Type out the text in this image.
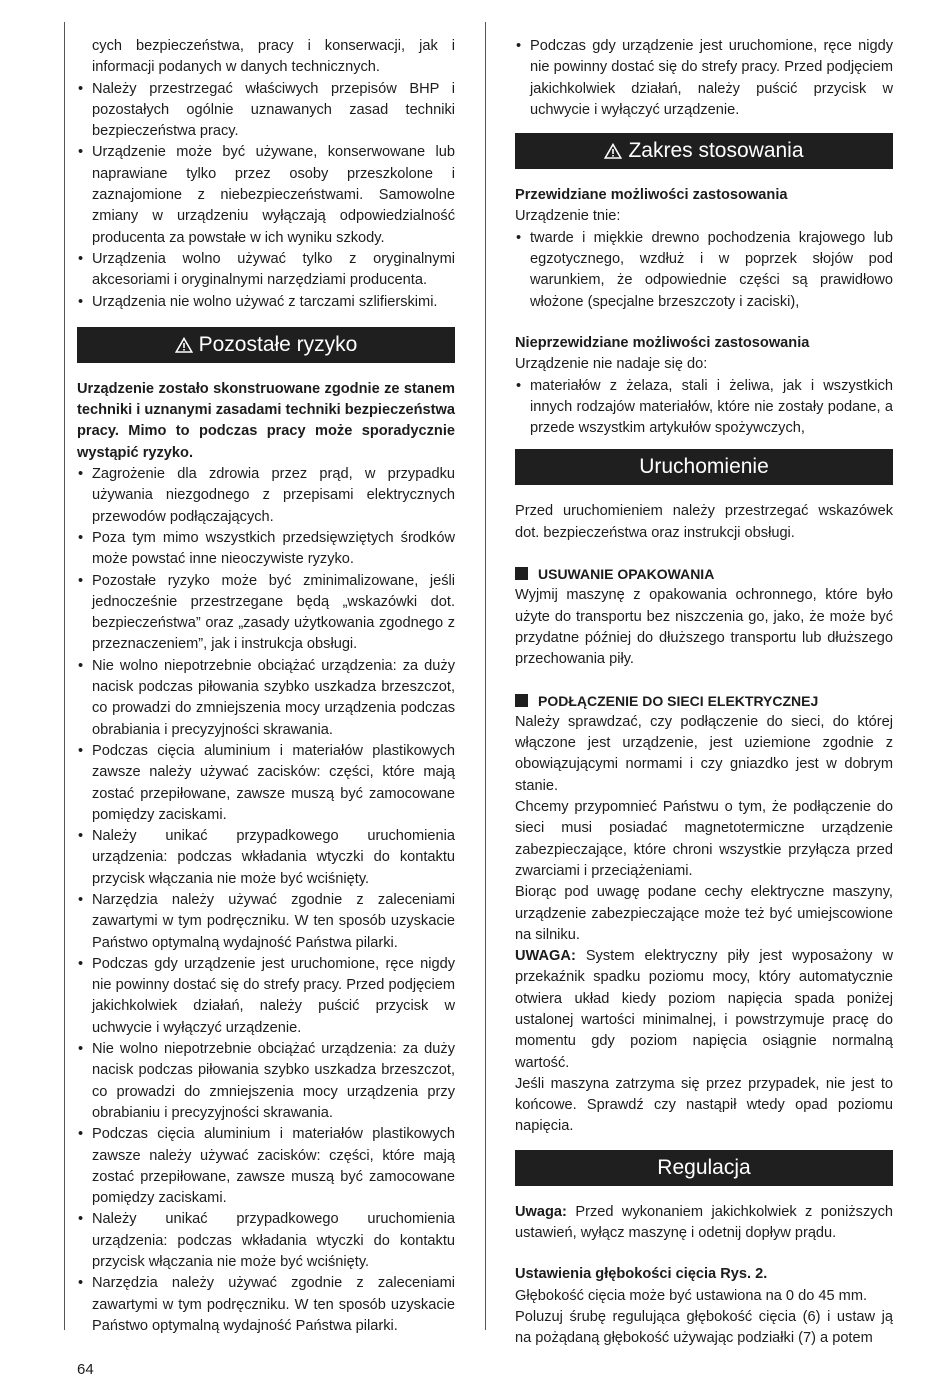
cych bezpieczeństwa, pracy i konserwacji, jak i informacji podanych w danych technicznych.

• Należy przestrzegać właściwych przepisów BHP i pozostałych ogólnie uznawanych zasad techniki bezpieczeństwa pracy.
• Urządzenie może być używane, konserwowane lub naprawiane tylko przez osoby przeszkolone i zaznajomione z niebezpieczeństwami. Samowolne zmiany w urządzeniu wyłączają odpowiedzialność producenta za powstałe w ich wyniku szkody.
• Urządzenia wolno używać tylko z oryginalnymi akcesoriami i oryginalnymi narzędziami producenta.
• Urządzenia nie wolno używać z tarczami szlifierskimi.
Pozostałe ryzyko

Urządzenie zostało skonstruowane zgodnie ze stanem techniki i uznanymi zasadami techniki bezpieczeństwa pracy. Mimo to podczas pracy może sporadycznie wystąpić ryzyko.

• Zagrożenie dla zdrowia przez prąd, w przypadku używania niezgodnego z przepisami elektrycznych przewodów podłączających.
• Poza tym mimo wszystkich przedsięwziętych środków może powstać inne nieoczywiste ryzyko.
• Pozostałe ryzyko może być zminimalizowane, jeśli jednocześnie przestrzegane będą „wskazówki dot. bezpieczeństwa” oraz „zasady użytkowania zgodnego z przeznaczeniem”, jak i instrukcja obsługi.
• Nie wolno niepotrzebnie obciążać urządzenia: za duży nacisk podczas piłowania szybko uszkadza brzeszczot, co prowadzi do zmniejszenia mocy urządzenia podczas obrabiania i precyzyjności skrawania.
• Podczas cięcia aluminium i materiałów plastikowych zawsze należy używać zacisków: części, które mają zostać przepiłowane, zawsze muszą być zamocowane pomiędzy zaciskami.
• Należy unikać przypadkowego uruchomienia urządzenia: podczas wkładania wtyczki do kontaktu przycisk włączania nie może być wciśnięty.
• Narzędzia należy używać zgodnie z zaleceniami zawartymi w tym podręczniku. W ten sposób uzyskacie Państwo optymalną wydajność Państwa pilarki.
• Podczas gdy urządzenie jest uruchomione, ręce nigdy nie powinny dostać się do strefy pracy. Przed podjęciem jakichkolwiek działań, należy puścić przycisk w uchwycie i wyłączyć urządzenie.
• Nie wolno niepotrzebnie obciążać urządzenia: za duży nacisk podczas piłowania szybko uszkadza brzeszczot, co prowadzi do zmniejszenia mocy urządzenia przy obrabianiu i precyzyjności skrawania.
• Podczas cięcia aluminium i materiałów plastikowych zawsze należy używać zacisków: części, które mają zostać przepiłowane, zawsze muszą być zamocowane pomiędzy zaciskami.
• Należy unikać przypadkowego uruchomienia urządzenia: podczas wkładania wtyczki do kontaktu przycisk włączania nie może być wciśnięty.
• Narzędzia należy używać zgodnie z zaleceniami zawartymi w tym podręczniku. W ten sposób uzyskacie Państwo optymalną wydajność Państwa pilarki.
• Podczas gdy urządzenie jest uruchomione, ręce nigdy nie powinny dostać się do strefy pracy. Przed podjęciem jakichkolwiek działań, należy puścić przycisk w uchwycie i wyłączyć urządzenie.
Zakres stosowania

Przewidziane możliwości zastosowania

Urządzenie tnie:

• twarde i miękkie drewno pochodzenia krajowego lub egzotycznego, wzdłuż i w poprzek słojów pod warunkiem, że odpowiednie części są prawidłowo włożone (specjalne brzeszczoty i zaciski),

Nieprzewidziane możliwości zastosowania

Urządzenie nie nadaje się do:

• materiałów z żelaza, stali i żeliwa, jak i wszystkich innych rodzajów materiałów, które nie zostały podane, a przede wszystkim artykułów spożywczych,
Uruchomienie

Przed uruchomieniem należy przestrzegać wskazówek dot. bezpieczeństwa oraz instrukcji obsługi.

USUWANIE OPAKOWANIA

Wyjmij maszynę z opakowania ochronnego, które było użyte do transportu bez niszczenia go, jako, że może być przydatne później do dłuższego transportu lub dłuższego przechowania piły.

PODŁĄCZENIE DO SIECI ELEKTRYCZNEJ

Należy sprawdzać, czy podłączenie do sieci, do której włączone jest urządzenie, jest uziemione zgodnie z obowiązującymi normami i czy gniazdko jest w dobrym stanie.

Chcemy przypomnieć Państwu o tym, że podłączenie do sieci musi posiadać magnetotermiczne urządzenie zabezpieczające, które chroni wszystkie przyłącza przed zwarciami i przeciążeniami.

Biorąc pod uwagę podane cechy elektryczne maszyny, urządzenie zabezpieczające może też być umiejscowione na silniku.

UWAGA: System elektryczny piły jest wyposażony w przekaźnik spadku poziomu mocy, który automatycznie otwiera układ kiedy poziom napięcia spada poniżej ustalonej wartości minimalnej, i powstrzymuje pracę do momentu gdy poziom napięcia osiągnie normalną wartość.

Jeśli maszyna zatrzyma się przez przypadek, nie jest to końcowe. Sprawdź czy nastąpił wtedy opad poziomu napięcia.

Regulacja

Uwaga: Przed wykonaniem jakichkolwiek z poniższych ustawień, wyłącz maszynę i odetnij dopływ prądu.

Ustawienia głębokości cięcia Rys. 2.

Głębokość cięcia może być ustawiona na 0 do 45 mm.

Poluzuj śrubę regulująca głębokość cięcia (6) i ustaw ją na pożądaną głębokość używając podziałki (7) a potem

64
